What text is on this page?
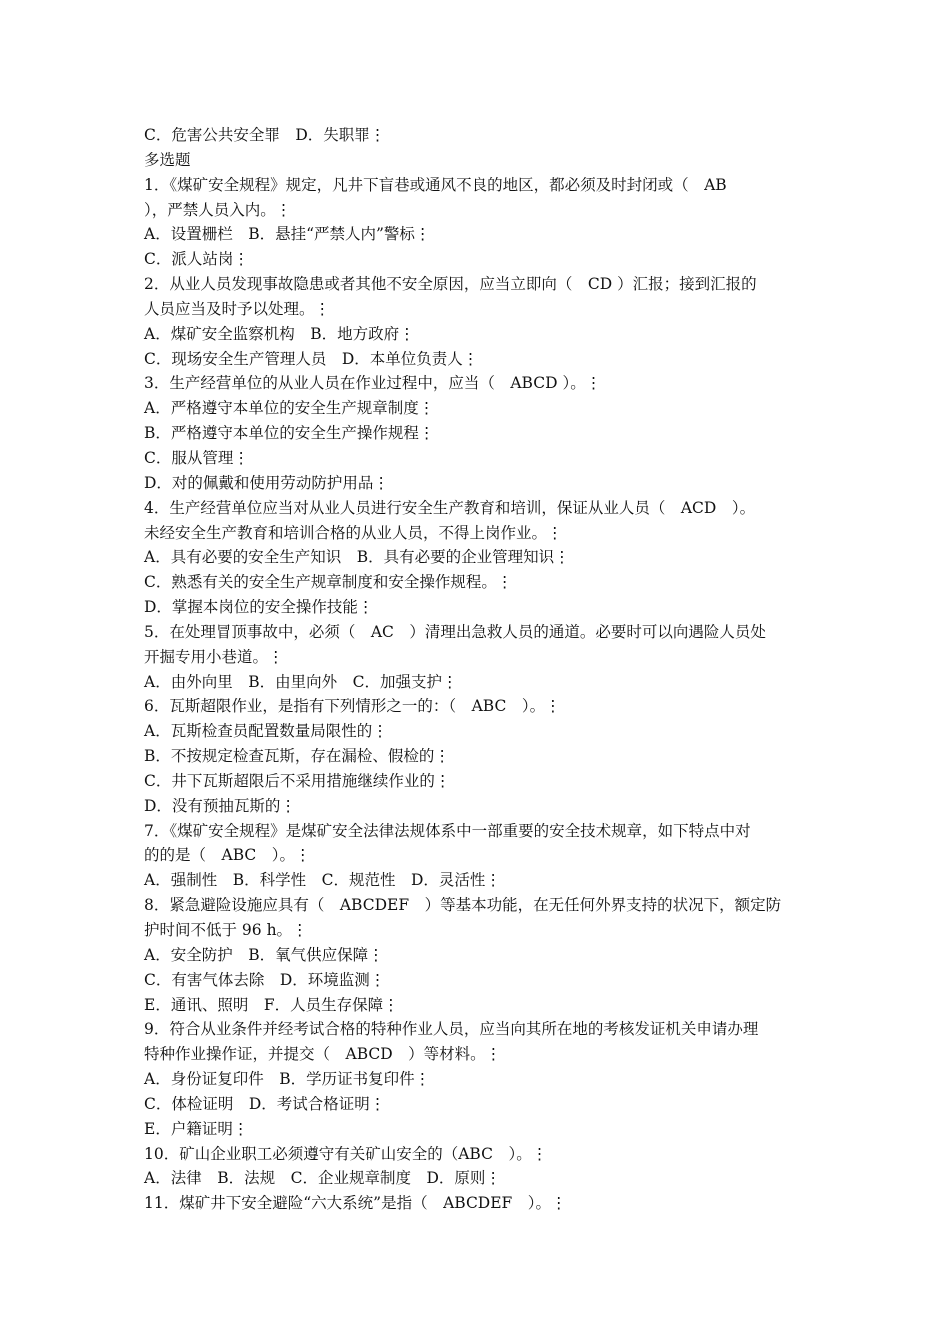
C．危害公共安全罪　D．失职罪⋮
多选题
1．《煤矿安全规程》规定，凡井下盲巷或通风不良的地区，都必须及时封闭或（　AB
），严禁人员入内。⋮
A．设置栅栏　B．悬挂“严禁人内”警标⋮
C．派人站岗⋮
2．从业人员发现事故隐患或者其他不安全原因，应当立即向（　CD ）汇报；接到汇报的
人员应当及时予以处理。⋮
A．煤矿安全监察机构　B．地方政府⋮
C．现场安全生产管理人员　D．本单位负责人⋮
3．生产经营单位的从业人员在作业过程中，应当（　ABCD ）。⋮
A．严格遵守本单位的安全生产规章制度⋮
B．严格遵守本单位的安全生产操作规程⋮
C．服从管理⋮
D．对的佩戴和使用劳动防护用品⋮
4．生产经营单位应当对从业人员进行安全生产教育和培训，保证从业人员（　ACD　）。
未经安全生产教育和培训合格的从业人员，不得上岗作业。⋮
A．具有必要的安全生产知识　B．具有必要的企业管理知识⋮
C．熟悉有关的安全生产规章制度和安全操作规程。⋮
D．掌握本岗位的安全操作技能⋮
5．在处理冒顶事故中，必须（　AC　）清理出急救人员的通道。必要时可以向遇险人员处
开掘专用小巷道。⋮
A．由外向里　B．由里向外　C．加强支护⋮
6．瓦斯超限作业，是指有下列情形之一的：（　ABC　）。⋮
A．瓦斯检查员配置数量局限性的⋮
B．不按规定检查瓦斯，存在漏检、假检的⋮
C．井下瓦斯超限后不采用措施继续作业的⋮
D．没有预抽瓦斯的⋮
7．《煤矿安全规程》是煤矿安全法律法规体系中一部重要的安全技术规章，如下特点中对
的的是（　ABC　）。⋮
A．强制性　B．科学性　C．规范性　D．灵活性⋮
8．紧急避险设施应具有（　ABCDEF　）等基本功能，在无任何外界支持的状况下，额定防
护时间不低于 96 h。⋮
A．安全防护　B．氧气供应保障⋮
C．有害气体去除　D．环境监测⋮
E．通讯、照明　F．人员生存保障⋮
9．符合从业条件并经考试合格的特种作业人员，应当向其所在地的考核发证机关申请办理
特种作业操作证，并提交（　ABCD　）等材料。⋮
A．身份证复印件　B．学历证书复印件⋮
C．体检证明　D．考试合格证明⋮
E．户籍证明⋮
10．矿山企业职工必须遵守有关矿山安全的（ABC　）。⋮
A．法律　B．法规　C．企业规章制度　D．原则⋮
11．煤矿井下安全避险“六大系统”是指（　ABCDEF　）。⋮
